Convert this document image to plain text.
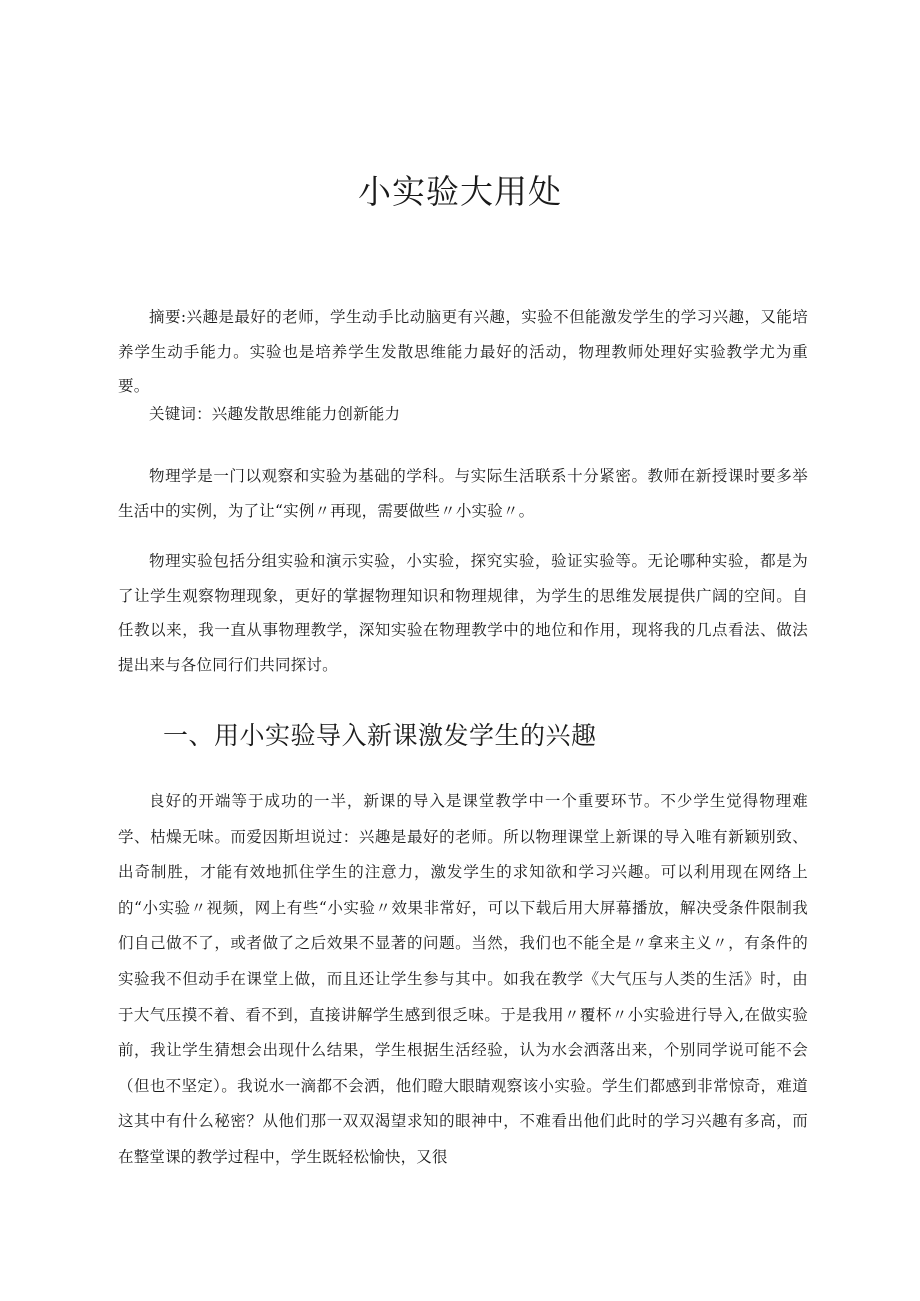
小实验大用处

摘要:兴趣是最好的老师，学生动手比动脑更有兴趣，实验不但能激发学生的学习兴趣，又能培养学生动手能力。实验也是培养学生发散思维能力最好的活动，物理教师处理好实验教学尤为重要。

关键词：兴趣发散思维能力创新能力

物理学是一门以观察和实验为基础的学科。与实际生活联系十分紧密。教师在新授课时要多举生活中的实例，为了让“实例〃再现，需要做些〃小实验〃。

物理实验包括分组实验和演示实验，小实验，探究实验，验证实验等。无论哪种实验，都是为了让学生观察物理现象，更好的掌握物理知识和物理规律，为学生的思维发展提供广阔的空间。自任教以来，我一直从事物理教学，深知实验在物理教学中的地位和作用，现将我的几点看法、做法提出来与各位同行们共同探讨。

一、用小实验导入新课激发学生的兴趣

良好的开端等于成功的一半，新课的导入是课堂教学中一个重要环节。不少学生觉得物理难学、枯燥无味。而爱因斯坦说过：兴趣是最好的老师。所以物理课堂上新课的导入唯有新颖别致、出奇制胜，才能有效地抓住学生的注意力，激发学生的求知欲和学习兴趣。可以利用现在网络上的“小实验〃视频，网上有些“小实验〃效果非常好，可以下载后用大屏幕播放，解决受条件限制我们自己做不了，或者做了之后效果不显著的问题。当然，我们也不能全是〃拿来主义〃，有条件的实验我不但动手在课堂上做，而且还让学生参与其中。如我在教学《大气压与人类的生活》时，由于大气压摸不着、看不到，直接讲解学生感到很乏味。于是我用〃覆杯〃小实验进行导入,在做实验前，我让学生猜想会出现什么结果，学生根据生活经验，认为水会洒落出来，个别同学说可能不会（但也不坚定）。我说水一滴都不会洒，他们瞪大眼睛观察该小实验。学生们都感到非常惊奇，难道这其中有什么秘密？从他们那一双双渴望求知的眼神中，不难看出他们此时的学习兴趣有多高，而在整堂课的教学过程中，学生既轻松愉快，又很
